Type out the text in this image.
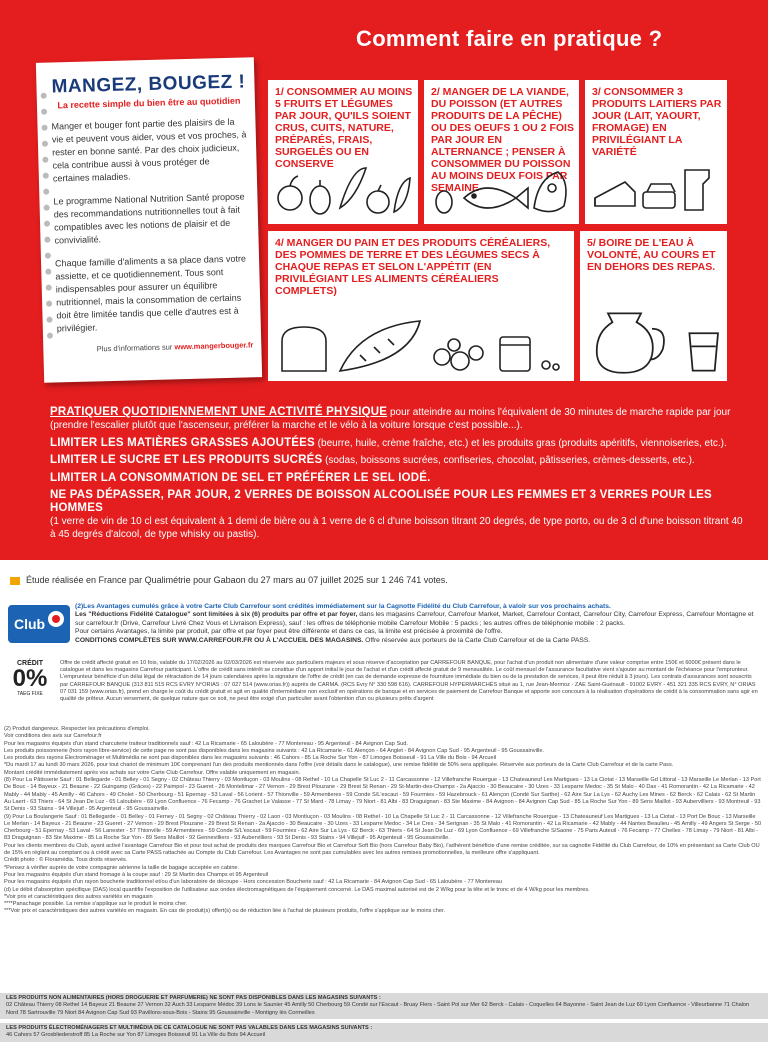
Comment faire en pratique ?
MANGEZ, BOUGEZ !
La recette simple du bien être au quotidien
Manger et bouger font partie des plaisirs de la vie et peuvent vous aider, vous et vos proches, à rester en bonne santé. Par des choix judicieux, cela contribue aussi à vous protéger de certaines maladies.
Le programme National Nutrition Santé propose des recommandations nutritionnelles tout à fait compatibles avec les notions de plaisir et de convivialité.
Chaque famille d'aliments a sa place dans votre assiette, et ce quotidiennement. Tous sont indispensables pour assurer un équilibre nutritionnel, mais la consommation de certains doit être limitée tandis que celle d'autres est à privilégier.
Plus d'informations sur www.mangerbouger.fr
1/ CONSOMMER AU MOINS 5 FRUITS ET LÉGUMES PAR JOUR, QU'ILS SOIENT CRUS, CUITS, NATURE, PRÉPARÉS, FRAIS, SURGELÉS OU EN CONSERVE
2/ MANGER DE LA VIANDE, DU POISSON (ET AUTRES PRODUITS DE LA PÊCHE) OU DES OEUFS 1 OU 2 FOIS PAR JOUR EN ALTERNANCE ; PENSER À CONSOMMER DU POISSON AU MOINS DEUX FOIS PAR SEMAINE
3/ CONSOMMER 3 PRODUITS LAITIERS PAR JOUR (LAIT, YAOURT, FROMAGE) EN PRIVILÉGIANT LA VARIÉTÉ
4/ MANGER DU PAIN ET DES PRODUITS CÉRÉALIERS, DES POMMES DE TERRE ET DES LÉGUMES SECS À CHAQUE REPAS ET SELON L'APPÉTIT (EN PRIVILÉGIANT LES ALIMENTS CÉRÉALIERS COMPLETS)
5/ BOIRE DE L'EAU À VOLONTÉ, AU COURS ET EN DEHORS DES REPAS.
PRATIQUER QUOTIDIENNEMENT UNE ACTIVITÉ PHYSIQUE pour atteindre au moins l'équivalent de 30 minutes de marche rapide par jour (prendre l'escalier plutôt que l'ascenseur, préférer la marche et le vélo à la voiture lorsque c'est possible...).
LIMITER LES MATIÈRES GRASSES AJOUTÉES (beurre, huile, crème fraîche, etc.) et les produits gras (produits apéritifs, viennoiseries, etc.).
LIMITER LE SUCRE ET LES PRODUITS SUCRÉS (sodas, boissons sucrées, confiseries, chocolat, pâtisseries, crèmes-desserts, etc.).
LIMITER LA CONSOMMATION DE SEL ET PRÉFÉRER LE SEL IODÉ.
NE PAS DÉPASSER, PAR JOUR, 2 VERRES DE BOISSON ALCOOLISÉE POUR LES FEMMES ET 3 VERRES POUR LES HOMMES
(1 verre de vin de 10 cl est équivalent à 1 demi de bière ou à 1 verre de 6 cl d'une boisson titrant 20 degrés, de type porto, ou de 3 cl d'une boisson titrant 40 à 45 degrés d'alcool, de type whisky ou pastis).
Étude réalisée en France par Qualimétrie pour Gabaon du 27 mars au 07 juillet 2025 sur 1 246 741 votes.
Club
(2)Les Avantages cumulés grâce à votre Carte Club Carrefour sont crédités immédiatement sur la Cagnotte Fidélité du Club Carrefour, à valoir sur vos prochains achats.
Les "Réductions Fidélité Catalogue" sont limitées à six (6) produits par offre et par foyer, dans les magasins Carrefour, Carrefour Market, Market, Carrefour Contact, Carrefour City, Carrefour Express, Carrefour Montagne et sur carrefour.fr (Drive, Carrefour Livré Chez Vous et Livraison Express), sauf : les offres de téléphonie mobile Carrefour Mobile : 5 packs ; les autres offres de téléphonie mobile : 2 packs.
Pour certains Avantages, la limite par produit, par offre et par foyer peut être différente et dans ce cas, la limite est précisée à proximité de l'offre.
CONDITIONS COMPLÈTES SUR WWW.CARREFOUR.FR OU À L'ACCUEIL DES MAGASINS. Offre réservée aux porteurs de la Carte Club Carrefour et de la Carte PASS.
CRÉDIT
0%
TAEG FIXE
Offre de crédit affecté gratuit en 10 fois, valable du 17/02/2026 au 02/03/2026 est réservée aux particuliers majeurs et sous réserve d'acceptation par CARREFOUR BANQUE, pour l'achat d'un produit non alimentaire d'une valeur comprise entre 150€ et 6000€ présent dans le catalogue et dans les magasins Carrefour participant. L'offre de crédit sans intérêt se constitue d'un apport initial le jour de l'achat et d'un crédit affecté gratuit de 9 mensualités. Le coût mensuel de l'assurance facultative vient s'ajouter au montant de l'échéance pour l'emprunteur. L'emprunteur bénéficie d'un délai légal de rétractation de 14 jours calendaires après la signature de l'offre de crédit (en cas de demande expresse de fourniture immédiate du bien ou de la prestation de services, il peut être réduit à 3 jours). Les contrats d'assurances sont souscrits par CARREFOUR BANQUE (313 811 515 RCS EVRY N°ORIAS : 07 027 514 (www.orias.fr)) auprès de CARMA. (RCS Evry N° 330 598 616). CARREFOUR HYPERMARCHÉS situé au 1, rue Jean-Mermoz - ZAE Saint-Guénault - 91002 EVRY - 451 321 335 RCS EVRY, N° ORIAS 07 031 159 (www.orias.fr), prend en charge le coût du crédit gratuit et agit en qualité d'intermédiaire non exclusif en opérations de banque et en services de paiement de Carrefour Banque et apporte son concours à la réalisation d'opérations de crédit à la consommation sans agir en qualité de prêteur. Aucun versement, de quelque nature que ce soit, ne peut être exigé d'un particulier avant l'obtention d'un ou plusieurs prêts d'argent

(2) Produit dangereux. Respecter les précautions d'emploi.

Voir conditions des avis sur Carrefour.fr

Pour les magasins équipés d'un stand charcuterie traiteur traditionnels sauf : 42 La Ricamarie - 65 Laloubère - 77 Montereau - 95 Argenteuil - 84 Avignon Cap Sud.

Les produits poissonnerie (hors rayon libre-service) de cette page ne sont pas disponibles dans les magasins suivants : 42 La Ricamarie - 61 Alençon - 64 Anglet - 84 Avignon Cap Sud - 95 Argenteuil - 95 Goussainville.

Les produits des rayons Électroménager et Multimédia ne sont pas disponibles dans les magasins suivants : 46 Cahors - 85 La Roche Sur Yon - 87 Limoges Boisseuil - 91 La Ville du Bois - 94 Arcueil

*Du mardi 17 au lundi 30 mars 2026, pour tout chariot de minimum 10€ comprenant l'un des produits mentionnés dans l'offre (voir détails dans le catalogue), une remise fidélité de 50% sera appliquée. Réservée aux porteurs de la Carte Club Carrefour et de la carte Pass.

Montant crédité immédiatement après vos achats sur votre Carte Club Carrefour. Offre valable uniquement en magasin.

(8) Pour La Pâtisserie Sauf : 01 Bellegarde - 01 Belley - 01 Segny - 02 Château Thierry - 03 Montluçon - 03 Moulins - 08 Rethel - 10 La Chapelle St Luc 2 - 11 Carcassonne - 12 Villefranche Rouergue - 13 Chateauneuf Les Martigues - 13 La Ciotat - 13 Marseille Gd Littoral - 13 Marseille Le Merlan - 13 Port De Bouc - 14 Bayeux - 21 Beaune - 22 Guingamp (Grâces) - 22 Paimpol - 23 Gueret - 26 Montelimar - 27 Vernon - 29 Brest Plouzane - 29 Brest St Renan - 29 St-Martin-des-Champs - 2a Ajaccio - 30 Beaucaire - 30 Uzes - 33 Lesparre Medoc - 35 St Malo - 40 Dax - 41 Romorantin - 42 La Ricamarie - 42 Mably - 44 Mably - 45 Amilly - 46 Cahors - 49 Cholet - 50 Cherbourg - 51 Epernay - 53 Laval - 56 Lorient - 57 Thionville - 59 Armentieres - 59 Conde S/L'escaut - 59 Fourmies - 59 Hazebrouck - 61 Alençon (Condé Sur Sarthe) - 62 Aire Sur La Lys - 62 Auchy Les Mines - 62 Berck - 62 Calais - 62 St Martin Au Laert - 63 Thiers - 64 St Jean De Luz - 65 Laloubère - 69 Lyon Confluence - 76 Fecamp - 76 Grachet Le Valasse - 77 St Mard - 78 Limay - 79 Niort - 81 Albi - 83 Draguignan - 83 Ste Maxime - 84 Avignon - 84 Avignon Cap Sud - 85 La Roche Sur Yon - 89 Sens Maillot - 93 Aubervilliers - 93 Montreuil - 93 St Denis - 93 Stains - 94 Villejuif - 95 Argenteuil - 95 Goussainville.

(9) Pour La Boulangerie Sauf : 01 Bellegarde - 01 Belley - 01 Ferney - 01 Segny - 02 Château Thierry - 02 Laon - 03 Montluçon - 03 Moulins - 08 Rethel - 10 La Chapelle St Luc 2 - 11 Carcassonne - 12 Villefranche Rouergue - 13 Chateauneuf Les Martigues - 13 La Ciotat - 13 Port De Bouc - 13 Marseille Le Merlan - 14 Bayeux - 21 Beaune - 23 Gueret - 27 Vernon - 29 Brest Plouzane - 29 Brest St Renan - 2a Ajaccio - 30 Beaucaire - 30 Uzes - 33 Lesparre Medoc - 34 Le Cres - 34 Serignan - 35 St Malo - 41 Romorantin - 42 La Ricamarie - 42 Mably - 44 Nantes Beaulieu - 45 Amilly - 49 Angers St Serge - 50 Cherbourg - 51 Epernay - 53 Laval - 56 Lanester - 57 Thionville - 59 Armentieres - 59 Conde S/L'escaut - 59 Fourmies - 62 Aire Sur La Lys - 62 Berck - 63 Thiers - 64 St Jean De Luz - 69 Lyon Confluence - 69 Villefranche S/Saone - 75 Paris Auteuil - 76 Fecamp - 77 Chelles - 78 Limay - 79 Niort - 81 Albi - 83 Draguignan - 83 Ste Maxime - 85 La Roche Sur Yon - 89 Sens Maillot - 92 Gennevilliers - 93 Aubervilliers - 93 St Denis - 93 Stains - 94 Villejuif - 95 Argenteuil - 95 Goussainville.

Pour les clients membres du Club, ayant activé l'avantage Carrefour Bio et pour tout achat de produits des marques Carrefour Bio et Carrefour Soft Bio (hors Carrefour Baby Bio), l'adhérent bénéficie d'une remise créditée, sur sa cagnotte Fidélité du Club Carrefour, de 10% en présentant sa Carte Club OU de 15% en réglant au comptant ou à crédit avec sa Carte PASS rattachée au Compte du Club Carrefour. Les Avantages ne sont pas cumulables avec les autres remises promotionnelles, la meilleure offre s'appliquant.

Crédit photo : © Floramédia. Tous droits réservés.

*Pensez à vérifier auprès de votre compagnie aérienne la taille de bagage acceptée en cabine.

Pour les magasins équipés d'un stand fromage à la coupe sauf : 29 St Martin des Champs et 95 Argenteuil

Pour les magasins équipés d'un rayon boucherie traditionnel et/ou d'un laboratoire de découpe - Hors concession Boucherie sauf : 42 La Ricamarie - 84 Avignon Cap Sud - 65 Laloubère - 77 Montereau

(d) Le débit d'absorption spécifique (DAS) local quantifie l'exposition de l'utilisateur aux ondes électromagnétiques de l'équipement concerné. Le DAS maximal autorisé est de 2 W/kg pour la tête et le tronc et de 4 W/kg pour les membres.

*Voir prix et caractéristiques des autres variétés en magasin

****Panachage possible. La remise s'applique sur le produit le moins cher.

***Voir prix et caractéristiques des autres variétés en magasin. En cas de produit(s) offert(s) ou de réduction liée à l'achat de plusieurs produits, l'offre s'applique sur le moins cher.

LES PRODUITS NON ALIMENTAIRES (HORS DROGUERIE ET PARFUMERIE) NE SONT PAS DISPONIBLES DANS LES MAGASINS SUIVANTS :
02 Château Thierry 08 Rethel 14 Bayeux 21 Beaune 27 Vernon 32 Auch 33 Lesparre Médoc 39 Lons le Saunier 45 Amilly 50 Cherbourg 59 Condé sur l'Escaut - Bruay Flers - Saint Pol sur Mer 62 Berck - Calais - Coquelles 64 Bayonne - Saint Jean de Luz 69 Lyon Confluence - Villeurbanne 71 Chalon Nord 78 Sartrouville 79 Niort 84 Avignon Cap Sud 93 Pavillons-sous-Bois - Stains 95 Goussainville - Montigny lès Cormeilles
LES PRODUITS ÉLECTROMÉNAGERS ET MULTIMÉDIA DE CE CATALOGUE NE SONT PAS VALABLES DANS LES MAGASINS SUIVANTS :
46 Cahors 57 Grosbliederstroff 85 La Roche sur Yon 87 Limoges Boisseuil 91 La Ville du Bois 94 Accueil
